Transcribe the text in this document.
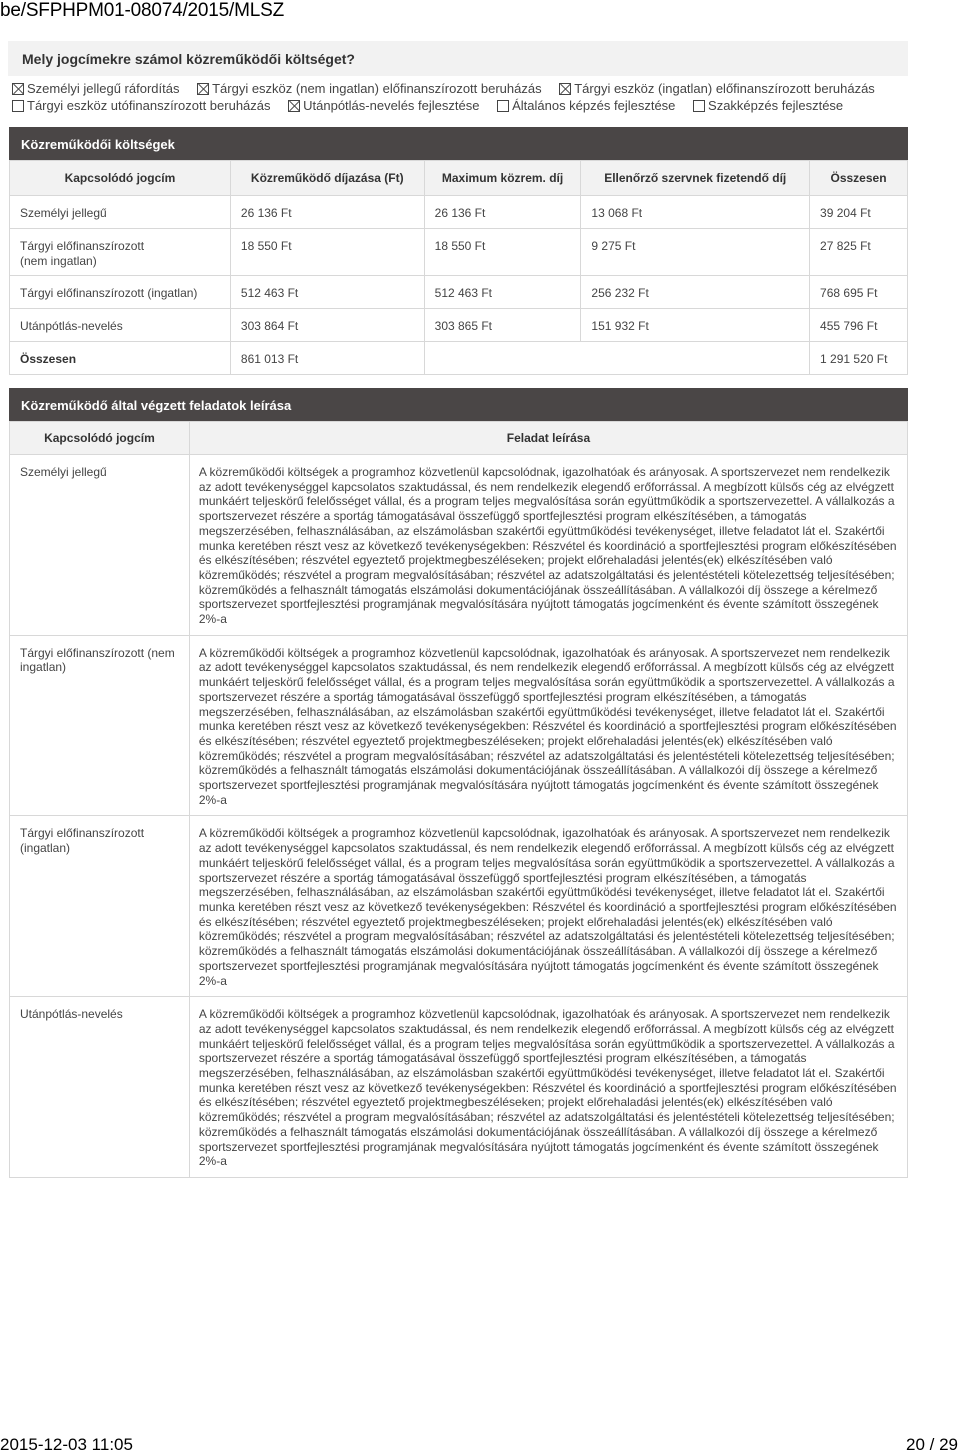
be/SFPHPM01-08074/2015/MLSZ
Mely jogcímekre számol közreműködői költséget?
Személyi jellegű ráfordítás
	Tárgyi eszköz (nem ingatlan) előfinanszírozott beruházás
	Tárgyi eszköz (ingatlan) előfinanszírozott beruházás
Tárgyi eszköz utófinanszírozott beruházás
	Utánpótlás-nevelés fejlesztése
	Általános képzés fejlesztése
	Szakképzés fejlesztése
Közreműködői költségek
Kapcsolódó jogcím	Közreműködő díjazása (Ft)	Maximum közrem. díj	Ellenőrző szervnek fizetendő díj	Összesen
Személyi jellegű	26 136 Ft	26 136 Ft	13 068 Ft	39 204 Ft
Tárgyi előfinanszírozott (nem ingatlan)	18 550 Ft	18 550 Ft	9 275 Ft	27 825 Ft
Tárgyi előfinanszírozott (ingatlan)	512 463 Ft	512 463 Ft	256 232 Ft	768 695 Ft
Utánpótlás-nevelés	303 864 Ft	303 865 Ft	151 932 Ft	455 796 Ft
Összesen	861 013 Ft			1 291 520 Ft
Közreműködő által végzett feladatok leírása
Kapcsolódó jogcím	Feladat leírása
Személyi jellegű	A közreműködői költségek a programhoz közvetlenül kapcsolódnak, igazolhatóak és arányosak. A sportszervezet nem rendelkezik az adott tevékenységgel kapcsolatos szaktudással, és nem rendelkezik elegendő erőforrással. A megbízott külsős cég az elvégzett munkáért teljeskörű felelősséget vállal, és a program teljes megvalósítása során együttműködik a sportszervezettel. A vállalkozás a sportszervezet részére a sportág támogatásával összefüggő sportfejlesztési program elkészítésében, a támogatás megszerzésében, felhasználásában, az elszámolásban szakértői együttműködési tevékenységet, illetve feladatot lát el. Szakértői munka keretében részt vesz az következő tevékenységekben: Részvétel és koordináció a sportfejlesztési program előkészítésében és elkészítésében; részvétel egyeztető projektmegbeszéléseken; projekt előrehaladási jelentés(ek) elkészítésében való közreműködés; részvétel a program megvalósításában; részvétel az adatszolgáltatási és jelentéstételi kötelezettség teljesítésében; közreműködés a felhasznált támogatás elszámolási dokumentációjának összeállításában. A vállalkozói díj összege a kérelmező sportszervezet sportfejlesztési programjának megvalósítására nyújtott támogatás jogcímenként és évente számított összegének 2%-a
Tárgyi előfinanszírozott (nem ingatlan)	A közreműködői költségek a programhoz közvetlenül kapcsolódnak, igazolhatóak és arányosak. A sportszervezet nem rendelkezik az adott tevékenységgel kapcsolatos szaktudással, és nem rendelkezik elegendő erőforrással. A megbízott külsős cég az elvégzett munkáért teljeskörű felelősséget vállal, és a program teljes megvalósítása során együttműködik a sportszervezettel. A vállalkozás a sportszervezet részére a sportág támogatásával összefüggő sportfejlesztési program elkészítésében, a támogatás megszerzésében, felhasználásában, az elszámolásban szakértői együttműködési tevékenységet, illetve feladatot lát el. Szakértői munka keretében részt vesz az következő tevékenységekben: Részvétel és koordináció a sportfejlesztési program előkészítésében és elkészítésében; részvétel egyeztető projektmegbeszéléseken; projekt előrehaladási jelentés(ek) elkészítésében való közreműködés; részvétel a program megvalósításában; részvétel az adatszolgáltatási és jelentéstételi kötelezettség teljesítésében; közreműködés a felhasznált támogatás elszámolási dokumentációjának összeállításában. A vállalkozói díj összege a kérelmező sportszervezet sportfejlesztési programjának megvalósítására nyújtott támogatás jogcímenként és évente számított összegének 2%-a
Tárgyi előfinanszírozott (ingatlan)	A közreműködői költségek a programhoz közvetlenül kapcsolódnak, igazolhatóak és arányosak. A sportszervezet nem rendelkezik az adott tevékenységgel kapcsolatos szaktudással, és nem rendelkezik elegendő erőforrással. A megbízott külsős cég az elvégzett munkáért teljeskörű felelősséget vállal, és a program teljes megvalósítása során együttműködik a sportszervezettel. A vállalkozás a sportszervezet részére a sportág támogatásával összefüggő sportfejlesztési program elkészítésében, a támogatás megszerzésében, felhasználásában, az elszámolásban szakértői együttműködési tevékenységet, illetve feladatot lát el. Szakértői munka keretében részt vesz az következő tevékenységekben: Részvétel és koordináció a sportfejlesztési program előkészítésében és elkészítésében; részvétel egyeztető projektmegbeszéléseken; projekt előrehaladási jelentés(ek) elkészítésében való közreműködés; részvétel a program megvalósításában; részvétel az adatszolgáltatási és jelentéstételi kötelezettség teljesítésében; közreműködés a felhasznált támogatás elszámolási dokumentációjának összeállításában. A vállalkozói díj összege a kérelmező sportszervezet sportfejlesztési programjának megvalósítására nyújtott támogatás jogcímenként és évente számított összegének 2%-a
Utánpótlás-nevelés	A közreműködői költségek a programhoz közvetlenül kapcsolódnak, igazolhatóak és arányosak. A sportszervezet nem rendelkezik az adott tevékenységgel kapcsolatos szaktudással, és nem rendelkezik elegendő erőforrással. A megbízott külsős cég az elvégzett munkáért teljeskörű felelősséget vállal, és a program teljes megvalósítása során együttműködik a sportszervezettel. A vállalkozás a sportszervezet részére a sportág támogatásával összefüggő sportfejlesztési program elkészítésében, a támogatás megszerzésében, felhasználásában, az elszámolásban szakértői együttműködési tevékenységet, illetve feladatot lát el. Szakértői munka keretében részt vesz az következő tevékenységekben: Részvétel és koordináció a sportfejlesztési program előkészítésében és elkészítésében; részvétel egyeztető projektmegbeszéléseken; projekt előrehaladási jelentés(ek) elkészítésében való közreműködés; részvétel a program megvalósításában; részvétel az adatszolgáltatási és jelentéstételi kötelezettség teljesítésében; közreműködés a felhasznált támogatás elszámolási dokumentációjának összeállításában. A vállalkozói díj összege a kérelmező sportszervezet sportfejlesztési programjának megvalósítására nyújtott támogatás jogcímenként és évente számított összegének 2%-a
2015-12-03 11:05	20 / 29
